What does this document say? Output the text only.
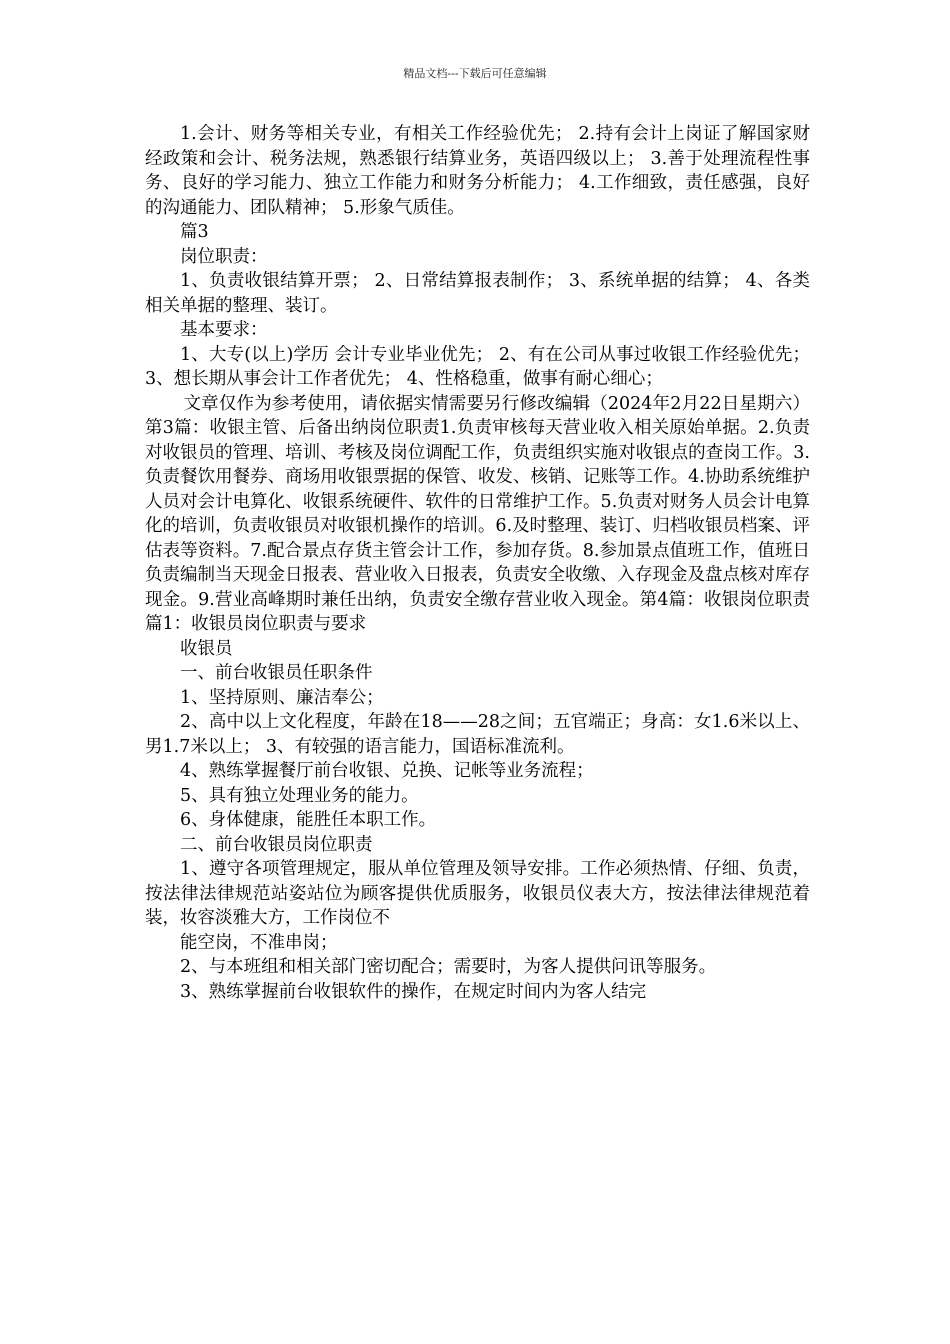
精品文档---下载后可任意编辑

1.会计、财务等相关专业，有相关工作经验优先； 2.持有会计上岗证了解国家财经政策和会计、税务法规，熟悉银行结算业务，英语四级以上； 3.善于处理流程性事务、良好的学习能力、独立工作能力和财务分析能力； 4.工作细致，责任感强，良好的沟通能力、团队精神； 5.形象气质佳。

篇3

岗位职责：

1、负责收银结算开票； 2、日常结算报表制作； 3、系统单据的结算； 4、各类相关单据的整理、装订。

基本要求：

1、大专(以上)学历 会计专业毕业优先； 2、有在公司从事过收银工作经验优先； 3、想长期从事会计工作者优先； 4、性格稳重，做事有耐心细心；

文章仅作为参考使用，请依据实情需要另行修改编辑（2024年2月22日星期六）第3篇：收银主管、后备出纳岗位职责1.负责审核每天营业收入相关原始单据。2.负责对收银员的管理、培训、考核及岗位调配工作，负责组织实施对收银点的查岗工作。3.负责餐饮用餐券、商场用收银票据的保管、收发、核销、记账等工作。4.协助系统维护人员对会计电算化、收银系统硬件、软件的日常维护工作。5.负责对财务人员会计电算化的培训，负责收银员对收银机操作的培训。6.及时整理、装订、归档收银员档案、评估表等资料。7.配合景点存货主管会计工作，参加存货。8.参加景点值班工作，值班日负责编制当天现金日报表、营业收入日报表，负责安全收缴、入存现金及盘点核对库存现金。9.营业高峰期时兼任出纳，负责安全缴存营业收入现金。第4篇：收银岗位职责篇1：收银员岗位职责与要求

收银员

一、前台收银员任职条件

1、坚持原则、廉洁奉公；

2、高中以上文化程度，年龄在18——28之间；五官端正；身高：女1.6米以上、男1.7米以上； 3、有较强的语言能力，国语标准流利。

4、熟练掌握餐厅前台收银、兑换、记帐等业务流程；

5、具有独立处理业务的能力。

6、身体健康，能胜任本职工作。

二、前台收银员岗位职责

1、遵守各项管理规定，服从单位管理及领导安排。工作必须热情、仔细、负责，按法律法律规范站姿站位为顾客提供优质服务，收银员仪表大方，按法律法律规范着装，妆容淡雅大方，工作岗位不

能空岗，不准串岗；

2、与本班组和相关部门密切配合；需要时，为客人提供问讯等服务。

3、熟练掌握前台收银软件的操作，在规定时间内为客人结完
